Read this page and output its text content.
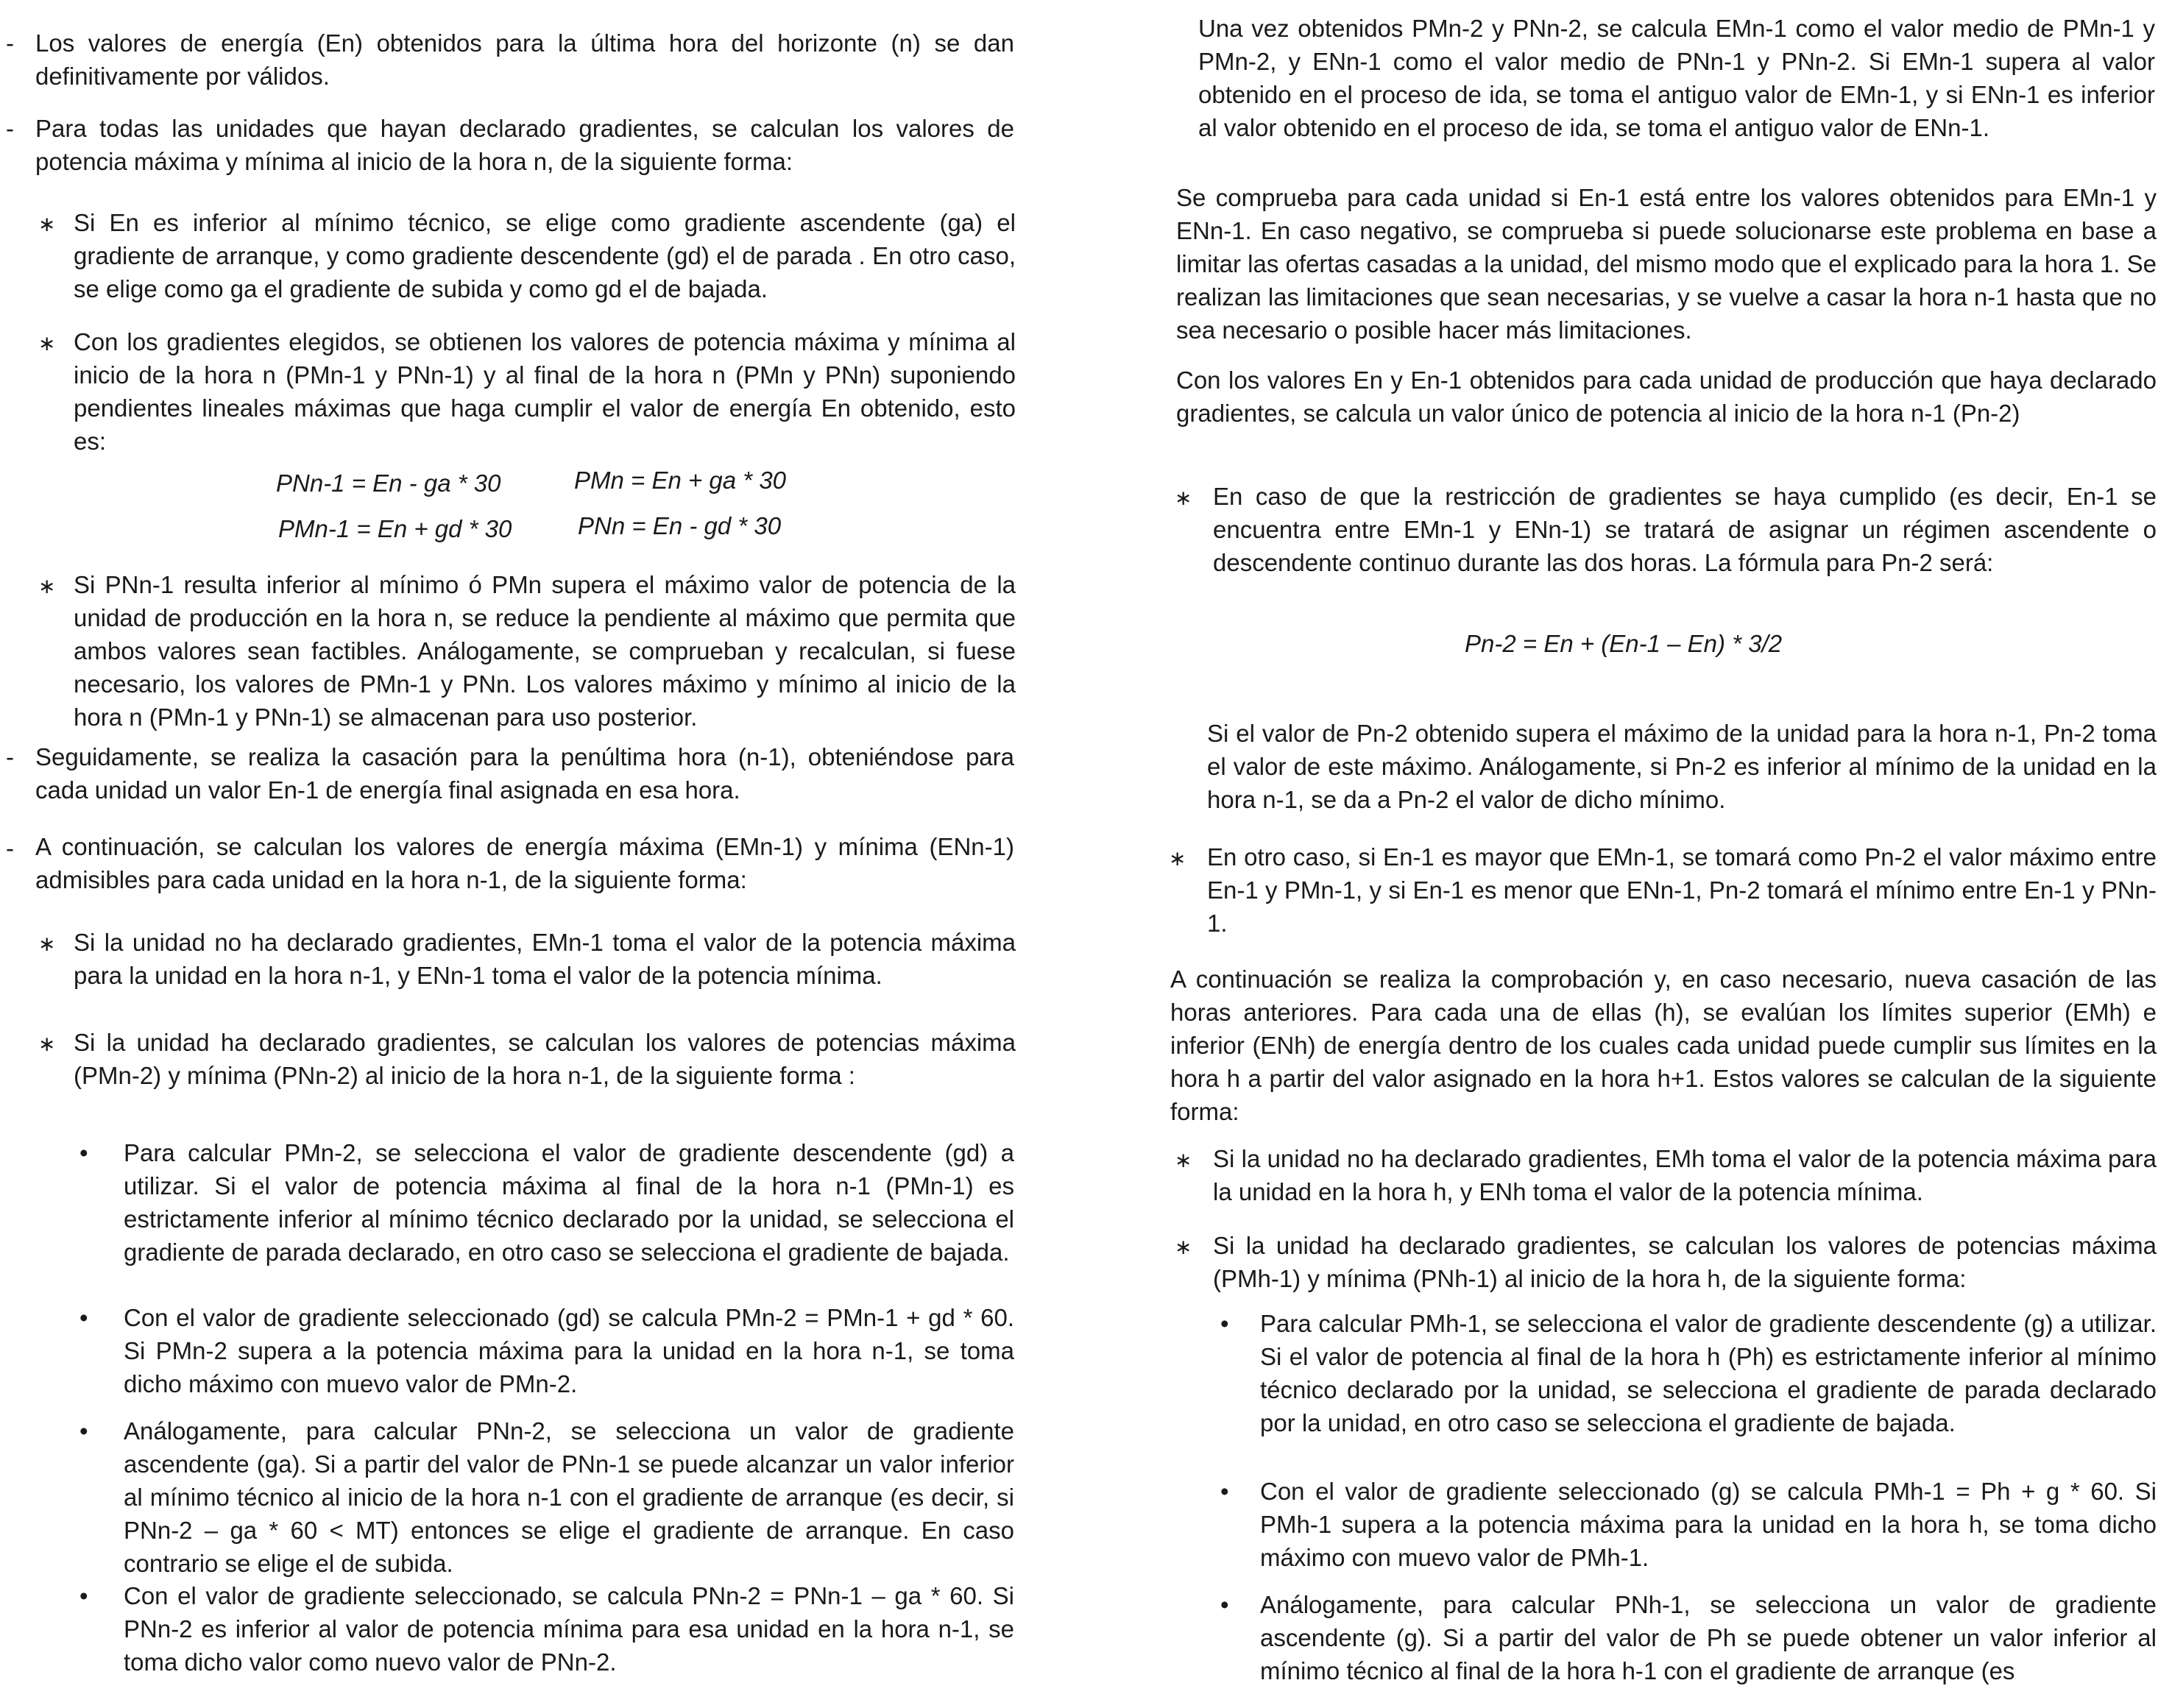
- Los valores de energía (En) obtenidos para la última hora del horizonte (n) se dan definitivamente por válidos.

- Para todas las unidades que hayan declarado gradientes, se calculan los valores de potencia máxima y mínima al inicio de la hora n, de la siguiente forma:

∗ Si En es inferior al mínimo técnico, se elige como gradiente ascendente (ga) el gradiente de arranque, y como gradiente descendente (gd) el de parada . En otro caso, se elige como ga el gradiente de subida y como gd el de bajada.

∗ Con los gradientes elegidos, se obtienen los valores de potencia máxima y mínima al inicio de la hora n (PMn-1 y PNn-1) y al final de la hora n (PMn y PNn) suponiendo pendientes lineales máximas que haga cumplir el valor de energía En obtenido, esto es:

PNn-1 = En - ga * 30	PMn = En + ga * 30
PMn-1 = En + gd * 30	PNn = En - gd * 30
∗ Si PNn-1 resulta inferior al mínimo ó PMn supera el máximo valor de potencia de la unidad de producción en la hora n, se reduce la pendiente al máximo que permita que ambos valores sean factibles. Análogamente, se comprueban y recalculan, si fuese necesario, los valores de PMn-1 y PNn. Los valores máximo y mínimo al inicio de la hora n (PMn-1 y PNn-1) se almacenan para uso posterior.

- Seguidamente, se realiza la casación para la penúltima hora (n-1), obteniéndose para cada unidad un valor En-1 de energía final asignada en esa hora.

- A continuación, se calculan los valores de energía máxima (EMn-1) y mínima (ENn-1) admisibles para cada unidad en la hora n-1, de la siguiente forma:

∗ Si la unidad no ha declarado gradientes, EMn-1 toma el valor de la potencia máxima para la unidad en la hora n-1, y ENn-1 toma el valor de la potencia mínima.

∗ Si la unidad ha declarado gradientes, se calculan los valores de potencias máxima (PMn-2) y mínima (PNn-2) al inicio de la hora n-1, de la siguiente forma :

• Para calcular PMn-2, se selecciona el valor de gradiente descendente (gd) a utilizar. Si el valor de potencia máxima al final de la hora n-1 (PMn-1) es estrictamente inferior al mínimo técnico declarado por la unidad, se selecciona el gradiente de parada declarado, en otro caso se selecciona el gradiente de bajada.

• Con el valor de gradiente seleccionado (gd) se calcula PMn-2 = PMn-1 + gd * 60. Si PMn-2 supera a la potencia máxima para la unidad en la hora n-1, se toma dicho máximo con muevo valor de PMn-2.

• Análogamente, para calcular PNn-2, se selecciona un valor de gradiente ascendente (ga). Si a partir del valor de PNn-1 se puede alcanzar un valor inferior al mínimo técnico al inicio de la hora n-1 con el gradiente de arranque (es decir, si PNn-2 – ga * 60 < MT) entonces se elige el gradiente de arranque. En caso contrario se elige el de subida.

• Con el valor de gradiente seleccionado, se calcula PNn-2 = PNn-1 – ga * 60. Si PNn-2 es inferior al valor de potencia mínima para esa unidad en la hora n-1, se toma dicho valor como nuevo valor de PNn-2.

Una vez obtenidos PMn-2 y PNn-2, se calcula EMn-1 como el valor medio de PMn-1 y PMn-2, y ENn-1 como el valor medio de PNn-1 y PNn-2. Si EMn-1 supera al valor obtenido en el proceso de ida, se toma el antiguo valor de EMn-1, y si ENn-1 es inferior al valor obtenido en el proceso de ida, se toma el antiguo valor de ENn-1.

Se comprueba para cada unidad si En-1 está entre los valores obtenidos para EMn-1 y ENn-1. En caso negativo, se comprueba si puede solucionarse este problema en base a limitar las ofertas casadas a la unidad, del mismo modo que el explicado para la hora 1. Se realizan las limitaciones que sean necesarias, y se vuelve a casar la hora n-1 hasta que no sea necesario o posible hacer más limitaciones.

Con los valores En y En-1 obtenidos para cada unidad de producción que haya declarado gradientes, se calcula un valor único de potencia al inicio de la hora n-1 (Pn-2)

∗ En caso de que la restricción de gradientes se haya cumplido (es decir, En-1 se encuentra entre EMn-1 y ENn-1) se tratará de asignar un régimen ascendente o descendente continuo durante las dos horas. La fórmula para Pn-2 será:

Pn-2 = En + (En-1 – En) * 3/2

Si el valor de Pn-2 obtenido supera el máximo de la unidad para la hora n-1, Pn-2 toma el valor de este máximo. Análogamente, si Pn-2 es inferior al mínimo de la unidad en la hora n-1, se da a Pn-2 el valor de dicho mínimo.

∗ En otro caso, si En-1 es mayor que EMn-1, se tomará como Pn-2 el valor máximo entre En-1 y PMn-1, y si En-1 es menor que ENn-1, Pn-2 tomará el mínimo entre En-1 y PNn-1.

A continuación se realiza la comprobación y, en caso necesario, nueva casación de las horas anteriores. Para cada una de ellas (h), se evalúan los límites superior (EMh) e inferior (ENh) de energía dentro de los cuales cada unidad puede cumplir sus límites en la hora h a partir del valor asignado en la hora h+1. Estos valores se calculan de la siguiente forma:

∗ Si la unidad no ha declarado gradientes, EMh toma el valor de la potencia máxima para la unidad en la hora h, y ENh toma el valor de la potencia mínima.

∗ Si la unidad ha declarado gradientes, se calculan los valores de potencias máxima (PMh-1) y mínima (PNh-1) al inicio de la hora h, de la siguiente forma:

• Para calcular PMh-1, se selecciona el valor de gradiente descendente (g) a utilizar. Si el valor de potencia al final de la hora h (Ph) es estrictamente inferior al mínimo técnico declarado por la unidad, se selecciona el gradiente de parada declarado por la unidad, en otro caso se selecciona el gradiente de bajada.

• Con el valor de gradiente seleccionado (g) se calcula PMh-1 = Ph + g * 60. Si PMh-1 supera a la potencia máxima para la unidad en la hora h, se toma dicho máximo con muevo valor de PMh-1.

• Análogamente, para calcular PNh-1, se selecciona un valor de gradiente ascendente (g). Si a partir del valor de Ph se puede obtener un valor inferior al mínimo técnico al final de la hora h-1 con el gradiente de arranque (es
